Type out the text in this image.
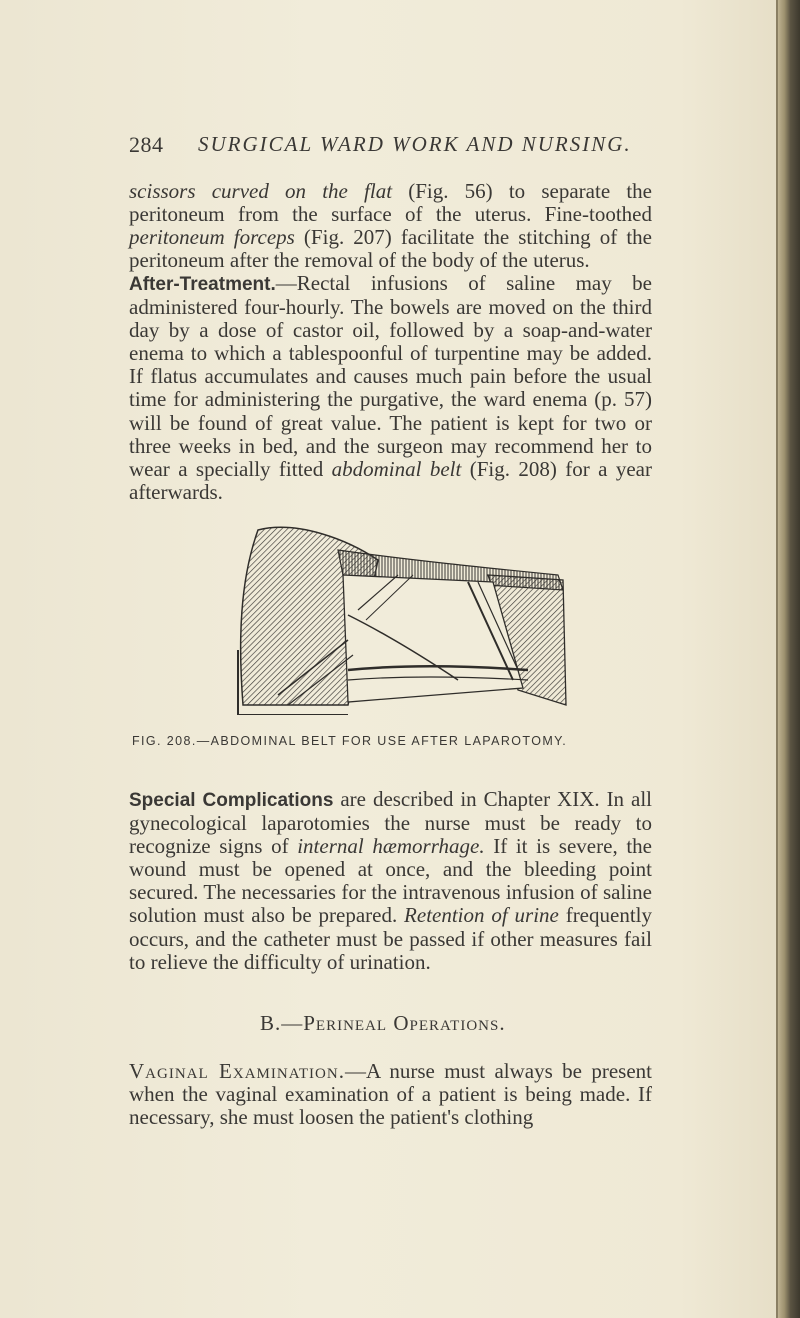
284 SURGICAL WARD WORK AND NURSING.
scissors curved on the flat (Fig. 56) to separate the peritoneum from the surface of the uterus. Fine-toothed peritoneum forceps (Fig. 207) facilitate the stitching of the peritoneum after the removal of the body of the uterus.
After-Treatment.—Rectal infusions of saline may be administered four-hourly. The bowels are moved on the third day by a dose of castor oil, followed by a soap-and-water enema to which a tablespoonful of turpentine may be added. If flatus accumulates and causes much pain before the usual time for administering the purgative, the ward enema (p. 57) will be found of great value. The patient is kept for two or three weeks in bed, and the surgeon may recommend her to wear a specially fitted abdominal belt (Fig. 208) for a year afterwards.
FIG. 208.—ABDOMINAL BELT FOR USE AFTER LAPAROTOMY.
Special Complications are described in Chapter XIX. In all gynecological laparotomies the nurse must be ready to recognize signs of internal hæmorrhage. If it is severe, the wound must be opened at once, and the bleeding point secured. The necessaries for the intravenous infusion of saline solution must also be prepared. Retention of urine frequently occurs, and the catheter must be passed if other measures fail to relieve the difficulty of urination.
B.—Perineal Operations.
Vaginal Examination.—A nurse must always be present when the vaginal examination of a patient is being made. If necessary, she must loosen the patient's clothing
